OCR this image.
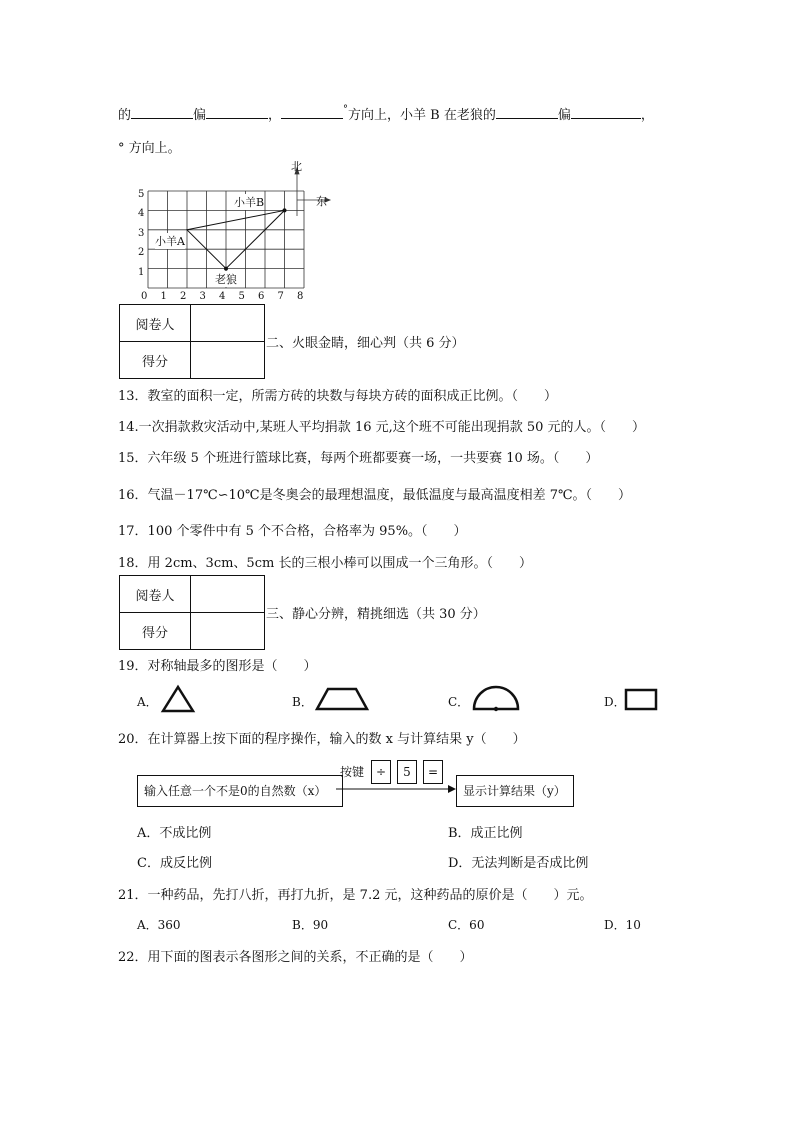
的	偏	，	°方向上，小羊 B 在老狼的	偏	，
° 方向上。
5
4
3
2
1
0 1 2 3 4 5 6 7 8
小羊A
小羊B
老狼
北
东
阅卷人	
得分	
二、火眼金睛，细心判（共 6 分）
13．教室的面积一定，所需方砖的块数与每块方砖的面积成正比例。（　　）
14.一次捐款救灾活动中,某班人平均捐款 16 元,这个班不可能出现捐款 50 元的人。（　　）
15．六年级 5 个班进行篮球比赛，每两个班都要赛一场，一共要赛 10 场。（　　）
16．气温－17℃∽10℃是冬奥会的最理想温度，最低温度与最高温度相差 7℃。（　　）
17．100 个零件中有 5 个不合格，合格率为 95%。（　　）
18．用 2cm、3cm、5cm 长的三根小棒可以围成一个三角形。（　　）
阅卷人	
得分	
三、静心分辨，精挑细选（共 30 分）
19．对称轴最多的图形是（　　）
A．	B．	C．	D．
20．在计算器上按下面的程序操作，输入的数 x 与计算结果 y（　　）
输入任意一个不是0的自然数（x）
按键 ÷	5	=
显示计算结果（y）
A．不成比例	B．成正比例
C．成反比例	D．无法判断是否成比例
21．一种药品，先打八折，再打九折，是 7.2 元，这种药品的原价是（　　）元。
A．360	B．90	C．60	D．10
22．用下面的图表示各图形之间的关系，不正确的是（　　）
